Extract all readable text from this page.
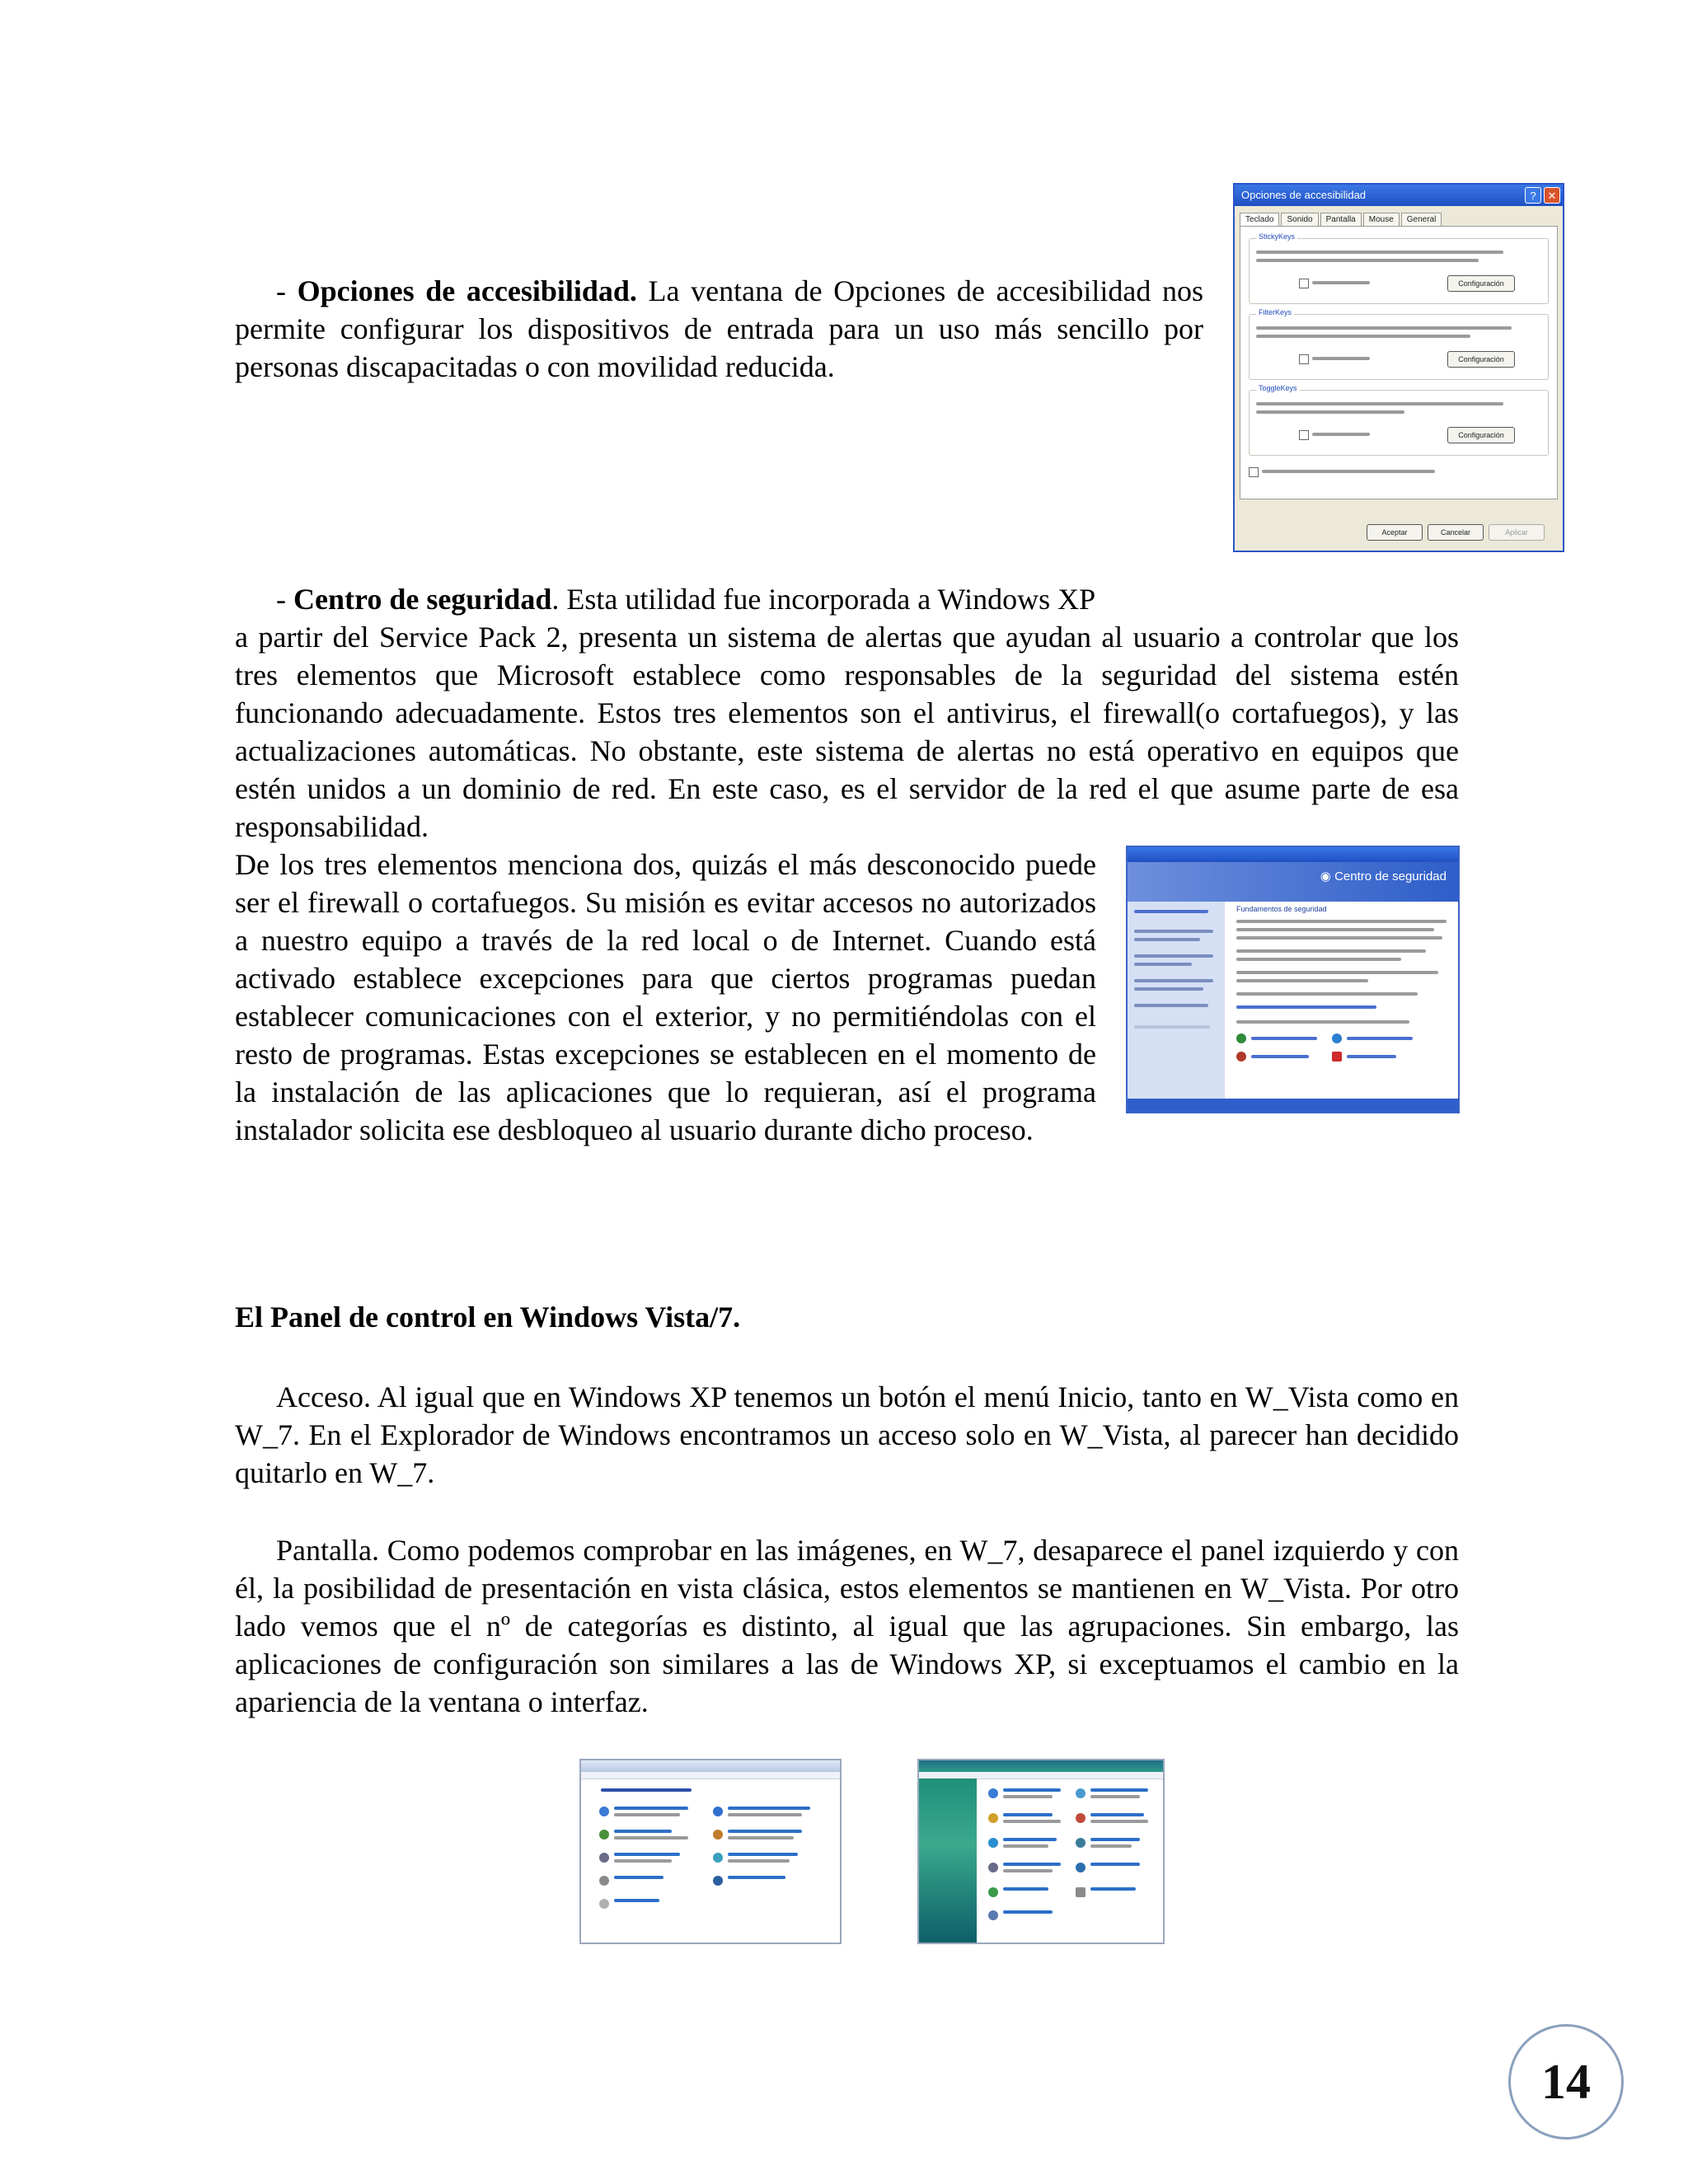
- Opciones de accesibilidad. La ventana de Opciones de accesibilidad nos permite configurar los dispositivos de entrada para un uso más sencillo por personas discapacitadas o con movilidad reducida.

Opciones de accesibilidad	?	✕
Teclado	Sonido	Pantalla	Mouse	General
StickyKeys
Configuración
FilterKeys
Configuración
ToggleKeys
Configuración
Aceptar	Cancelar	Aplicar

- Centro de seguridad. Esta utilidad fue incorporada a Windows XP

a partir del Service Pack 2, presenta un sistema de alertas que ayudan al usuario a controlar que los tres elementos que Microsoft establece como responsables de la seguridad del sistema estén funcionando adecuadamente. Estos tres elementos son el antivirus, el firewall(o cortafuegos), y las actualizaciones automáticas. No obstante, este sistema de alertas no está operativo en equipos que estén unidos a un dominio de red. En este caso, es el servidor de la red el que asume parte de esa responsabilidad.

De los tres elementos menciona dos, quizás el más desconocido puede ser el firewall o cortafuegos. Su misión es evitar accesos no autorizados a nuestro equipo a través de la red local o de Internet. Cuando está activado establece excepciones para que ciertos programas puedan establecer comunicaciones con el exterior, y no permitiéndolas con el resto de programas. Estas excepciones se establecen en el momento de la instalación de las aplicaciones que lo requieran, así el programa instalador solicita ese desbloqueo al usuario durante dicho proceso.

◉ Centro de seguridad
Fundamentos de seguridad
El Panel de control en Windows Vista/7.

Acceso. Al igual que en Windows XP tenemos un botón el menú Inicio, tanto en W_Vista como en W_7. En el Explorador de Windows encontramos un acceso solo en W_Vista, al parecer han decidido quitarlo en W_7.

Pantalla. Como podemos comprobar en las imágenes, en W_7, desaparece el panel izquierdo y con él, la posibilidad de presentación en vista clásica, estos elementos se mantienen en W_Vista. Por otro lado vemos que el nº de categorías es distinto, al igual que las agrupaciones. Sin embargo, las aplicaciones de configuración son similares a las de Windows XP, si exceptuamos el cambio en la apariencia de la ventana o interfaz.

14
